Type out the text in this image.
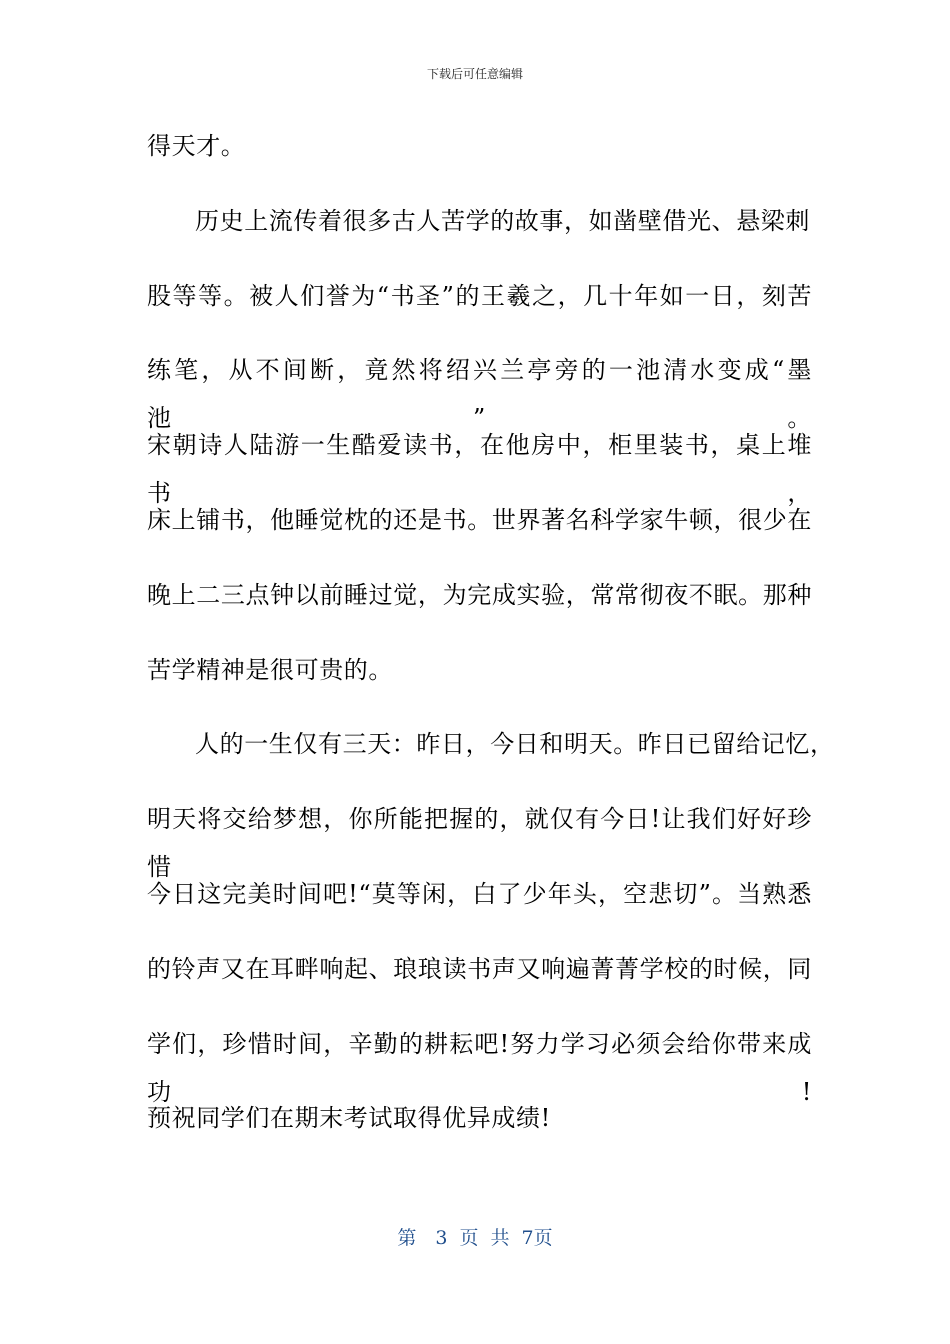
下载后可任意编辑
得天才。
历史上流传着很多古人苦学的故事，如凿壁借光、悬梁刺
股等等。被人们誉为“书圣”的王羲之，几十年如一日，刻苦
练笔，从不间断，竟然将绍兴兰亭旁的一池清水变成“墨池”。
宋朝诗人陆游一生酷爱读书，在他房中，柜里装书，桌上堆书，
床上铺书，他睡觉枕的还是书。世界著名科学家牛顿，很少在
晚上二三点钟以前睡过觉，为完成实验，常常彻夜不眠。那种
苦学精神是很可贵的。
人的一生仅有三天：昨日，今日和明天。昨日已留给记忆，
明天将交给梦想，你所能把握的，就仅有今日!让我们好好珍惜
今日这完美时间吧!“莫等闲，白了少年头，空悲切”。当熟悉
的铃声又在耳畔响起、琅琅读书声又响遍菁菁学校的时候，同
学们，珍惜时间，辛勤的耕耘吧!努力学习必须会给你带来成功!
预祝同学们在期末考试取得优异成绩!
第　3 页 共 7页
